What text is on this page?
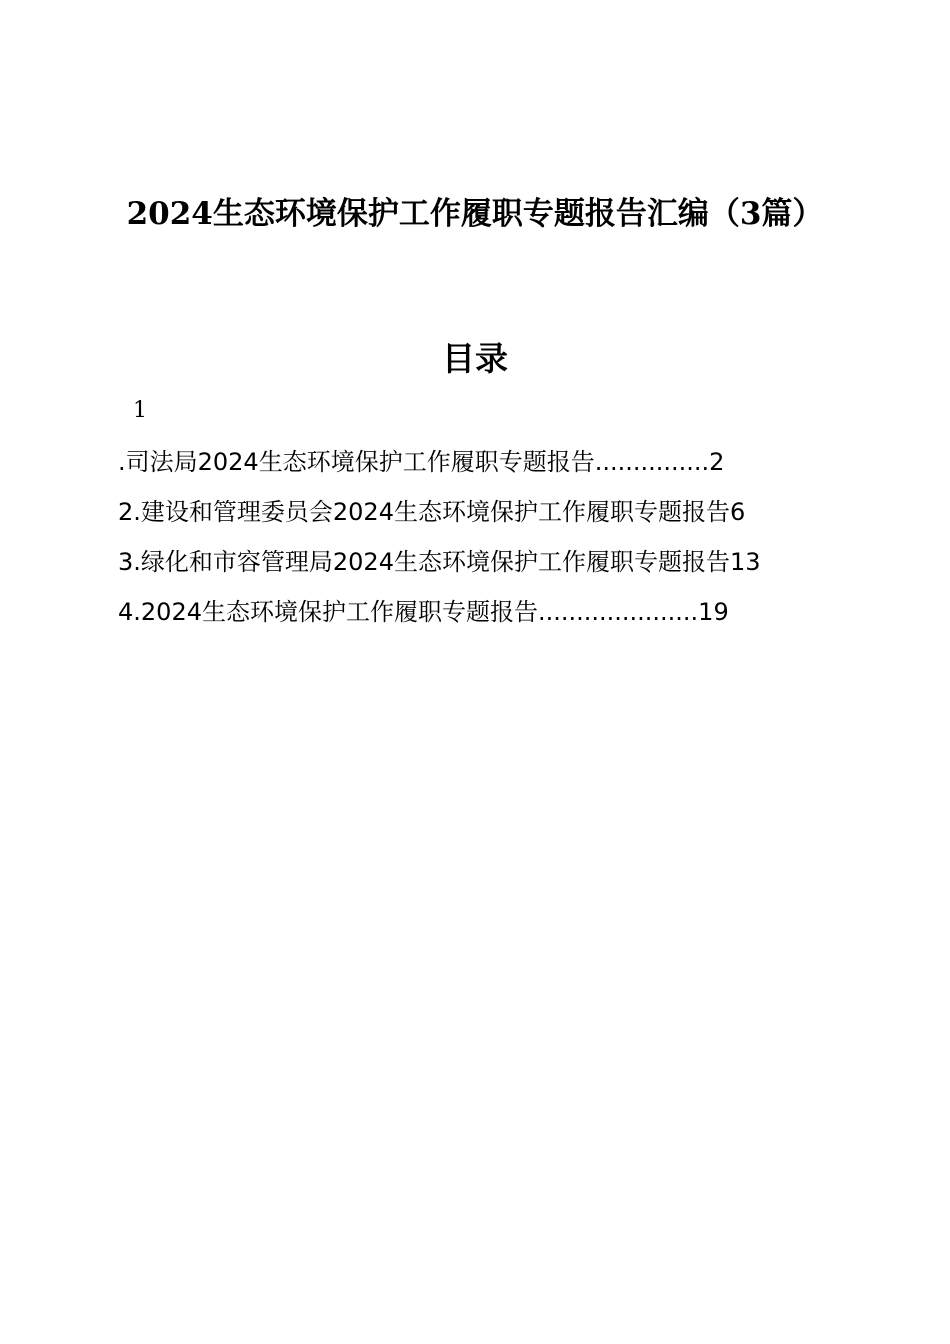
2024生态环境保护工作履职专题报告汇编（3篇）
目录
1
.司法局2024生态环境保护工作履职专题报告...............2
2.建设和管理委员会2024生态环境保护工作履职专题报告6
3.绿化和市容管理局2024生态环境保护工作履职专题报告13
4.2024生态环境保护工作履职专题报告.....................19
